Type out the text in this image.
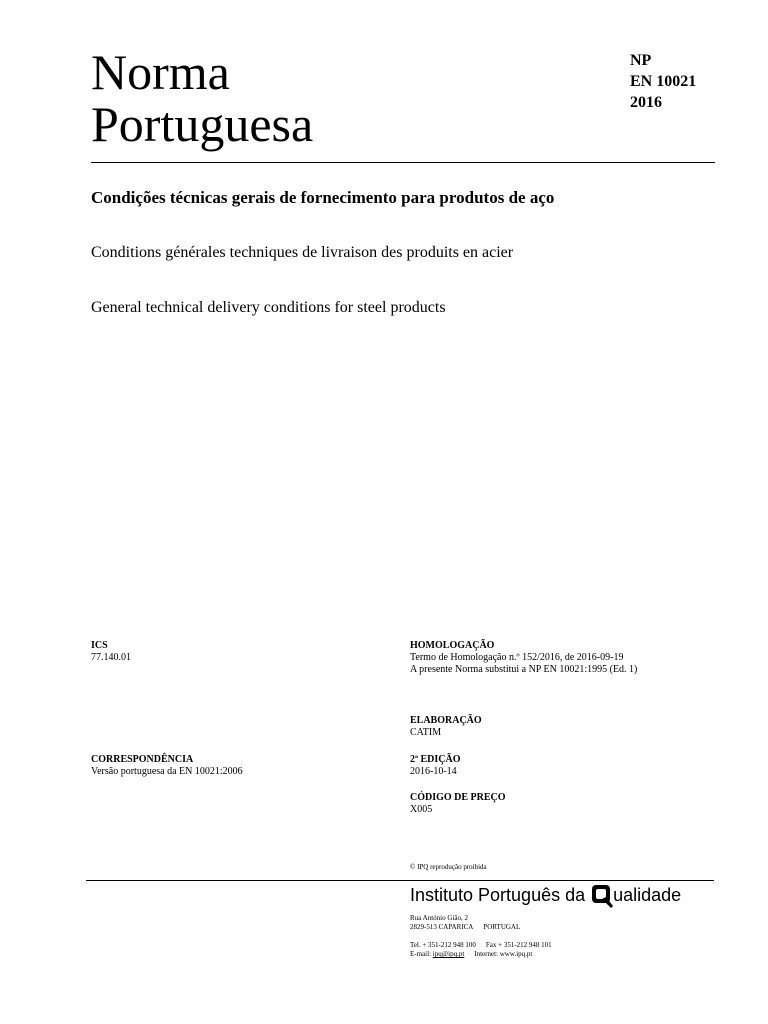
Norma
Portuguesa
NP
EN 10021
2016
Condições técnicas gerais de fornecimento para produtos de aço
Conditions générales techniques de livraison des produits en acier
General technical delivery conditions for steel products
ICS
77.140.01
CORRESPONDÊNCIA
Versão portuguesa da EN 10021:2006
HOMOLOGAÇÃO
Termo de Homologação n.º 152/2016, de 2016-09-19
A presente Norma substitui a NP EN 10021:1995 (Ed. 1)
ELABORAÇÃO
CATIM
2ª EDIÇÃO
2016-10-14
CÓDIGO DE PREÇO
X005
© IPQ reprodução proibida
Instituto Português da ualidade
Rua António Gião, 2
2829-513 CAPARICA PORTUGAL
Tel. + 351-212 948 100 Fax + 351-212 948 101
E-mail: ipq@ipq.pt Internet: www.ipq.pt
